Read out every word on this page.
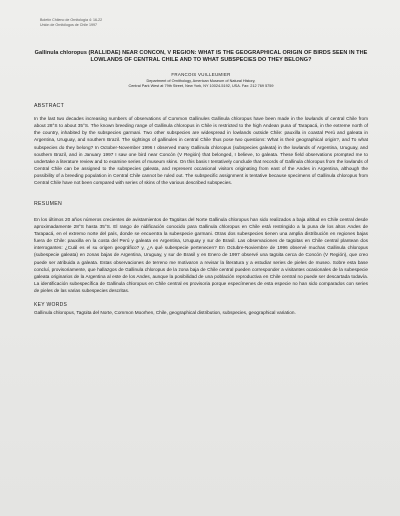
Boletín Chileno de Ornitología 4: 16-22
Unión de Ornitólogos de Chile 1997
Gallinula chloropus (RALLIDAE) NEAR CONCON, V REGION: WHAT IS THE GEOGRAPHICAL ORIGIN OF BIRDS SEEN IN THE LOWLANDS OF CENTRAL CHILE AND TO WHAT SUBSPECIES DO THEY BELONG?
FRANCOIS VUILLEUMIER
Department of Ornithology, American Museum of Natural History,
Central Park West at 79th Street, New York, NY 10024-5192, USA. Fax: 212 769 5759
ABSTRACT

In the last two decades increasing numbers of observations of Common Gallinules Gallinula chloropus have been made in the lowlands of central Chile from about 28°S to about 35°S. The known breeding range of Gallinula chloropus in Chile is restricted to the high Andean puna of Tarapacá, in the extreme north of the country, inhabited by the subspecies garmani. Two other subspecies are widespread in lowlands outside Chile: pauxilla in coastal Perú and galeata in Argentina, Uruguay, and southern Brazil. The sightings of gallinules in central Chile thus pose two questions: What is their geographical origin?, and To what subspecies do they belong? In October-November 1996 I observed many Gallinula chloropus (subspecies galeata) in the lowlands of Argentina, Uruguay, and southern Brazil, and in January 1997 I saw one bird near Concón (V Región) that belonged, I believe, to galeata. These field observations prompted me to undertake a literature review and to examine series of museum skins. On this basis I tentatively conclude that records of Gallinula chloropus from the lowlands of Central Chile can be assigned to the subspecies galeata, and represent occasional visitors originating from east of the Andes in Argentina, although the possibility of a breeding population in Central Chile cannot be ruled out. The subspecific assignment is tentative because specimens of Gallinula chloropus from Central Chile have not been compared with series of skins of the various described subspecies.

RESUMEN

En los últimos 20 años números crecientes de avistamientos de Tagüitas del Norte Gallinula chloropus han sido realizados a baja altitud en Chile central desde aproximadamente 28°S hasta 35°S. El rango de nidificación conocido para Gallinula chloropus en Chile está restringido a la puna de los altos Andes de Tarapacá, en el extremo norte del país, donde se encuentra la subespecie garmani. Otras dos subespecies tienen una amplia distribución en regiones bajas fuera de Chile: pauxilla en la costa del Perú y galeata en Argentina, Uruguay y sur de Brasil. Las observaciones de tagüitas en Chile central plantean dos interrogantes: ¿Cuál es el su origen geográfico? y, ¿A qué subespecie pertenecen? En Octubre-Noviembre de 1996 observé muchas Gallinula chloropus (subespecie galeata) en zonas bajas de Argentina, Uruguay, y sur de Brasil y en Enero de 1997 observé una tagüita cerca de Concón (V Región), que creo puede ser atribuida a galeata. Estas observaciones de terreno me motivaron a revisar la literatura y a estudiar series de pieles de museo. Sobre esta base concluí, provisoriamente, que hallazgos de Gallinula chloropus de la zona baja de Chile central pueden corresponder a visitantes ocasionales de la subespecie galeata originarios de la Argentina al este de los Andes, aunque la posibilidad de una población reproductiva en Chile central no puede ser descartada todavía. La identificación subespecífica de Gallinula chloropus en Chile central es provisoria porque especímenes de esta especie no han sido comparados con series de pieles de las varias subespecies descritas.

KEY WORDS

Gallinula chloropus, Tagüita del Norte, Common Moorhen, Chile, geographical distribution, subspecies, geographical variation.
